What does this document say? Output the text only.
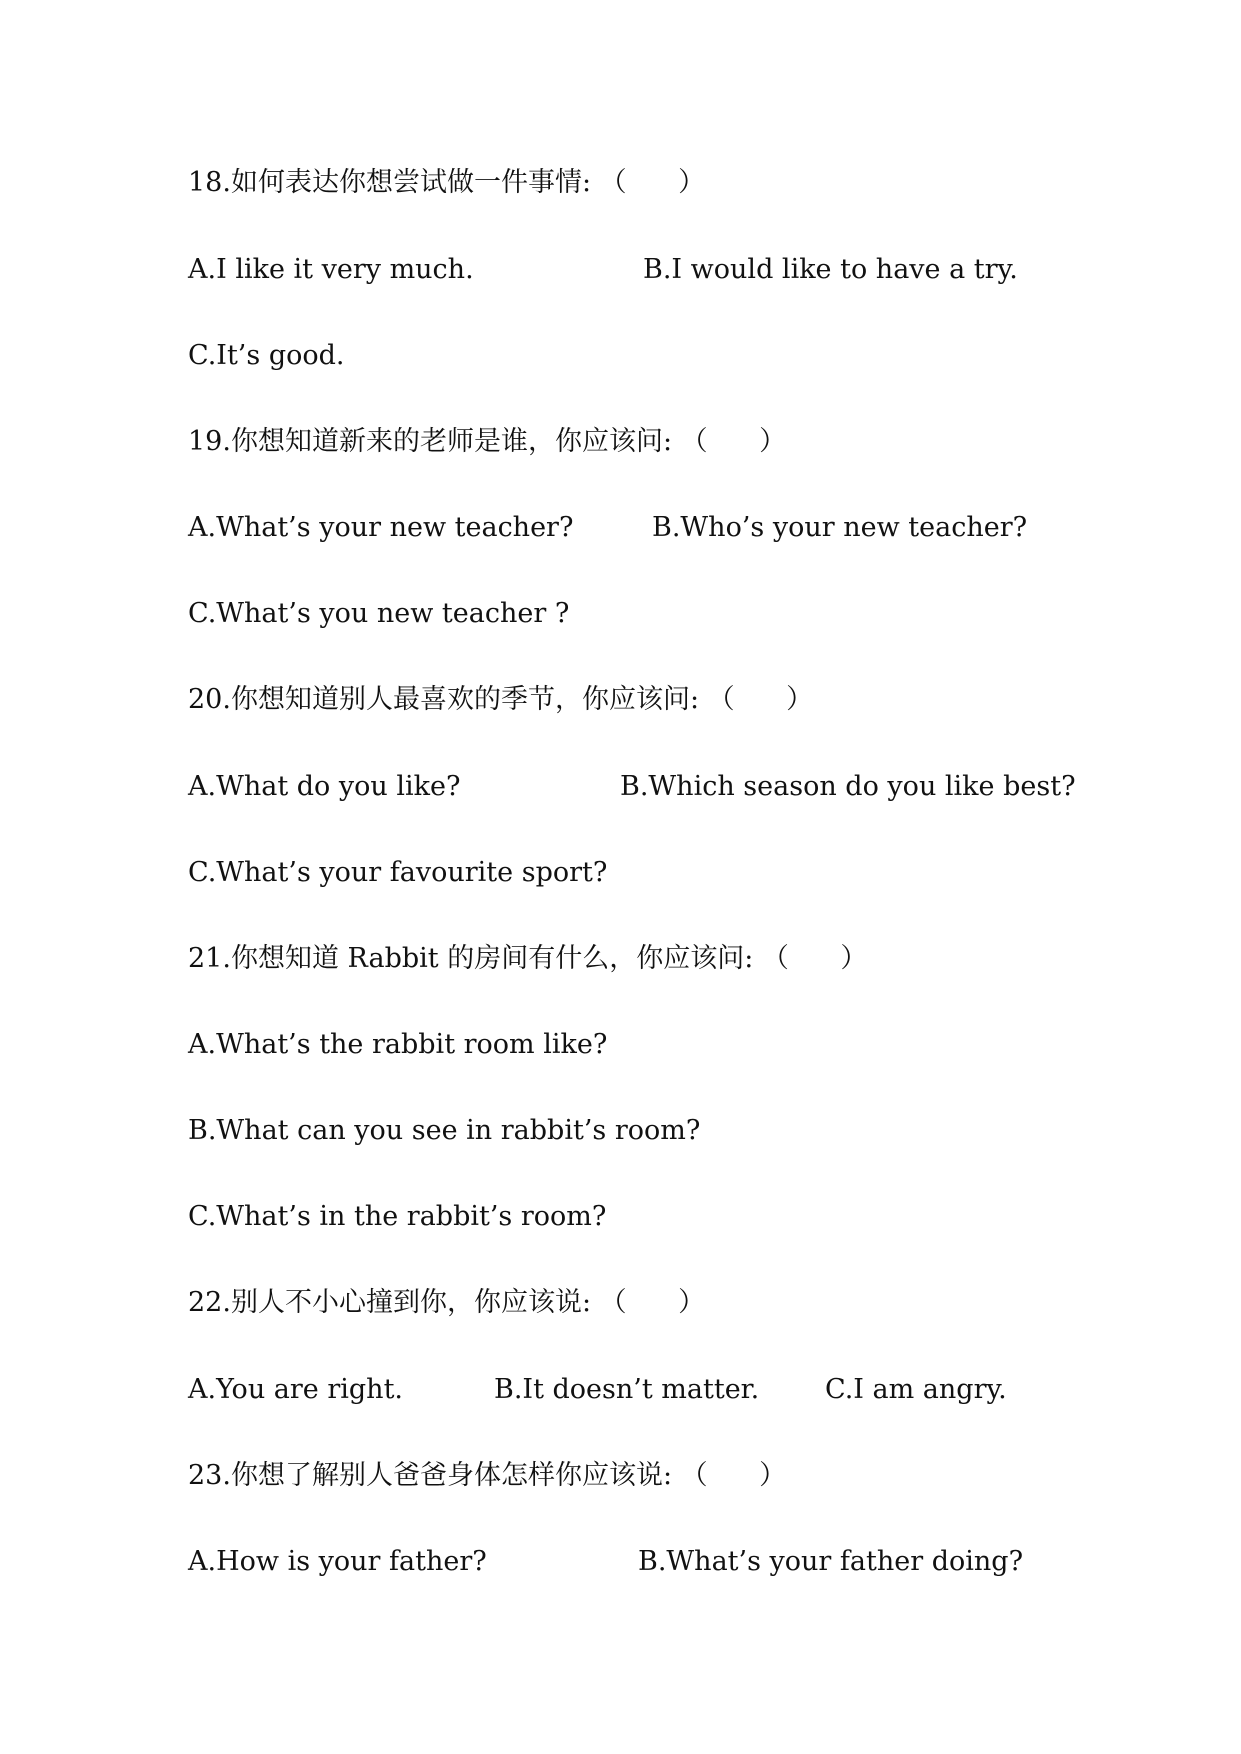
18.如何表达你想尝试做一件事情: （      ）
A.I like it very much.	B.I would like to have a try.
C.It’s good.
19.你想知道新来的老师是谁，你应该问: （      ）
A.What’s your new teacher?	B.Who’s your new teacher?
C.What’s you new teacher ?
20.你想知道别人最喜欢的季节，你应该问: （      ）
A.What do you like?	B.Which season do you like best?
C.What’s your favourite sport?
21.你想知道 Rabbit 的房间有什么，你应该问: （      ）
A.What’s the rabbit room like?
B.What can you see in rabbit’s room?
C.What’s in the rabbit’s room?
22.别人不小心撞到你，你应该说: （      ）
A.You are right.	B.It doesn’t matter. C.I am angry.
23.你想了解别人爸爸身体怎样你应该说: （      ）
A.How is your father?	B.What’s your father doing?
